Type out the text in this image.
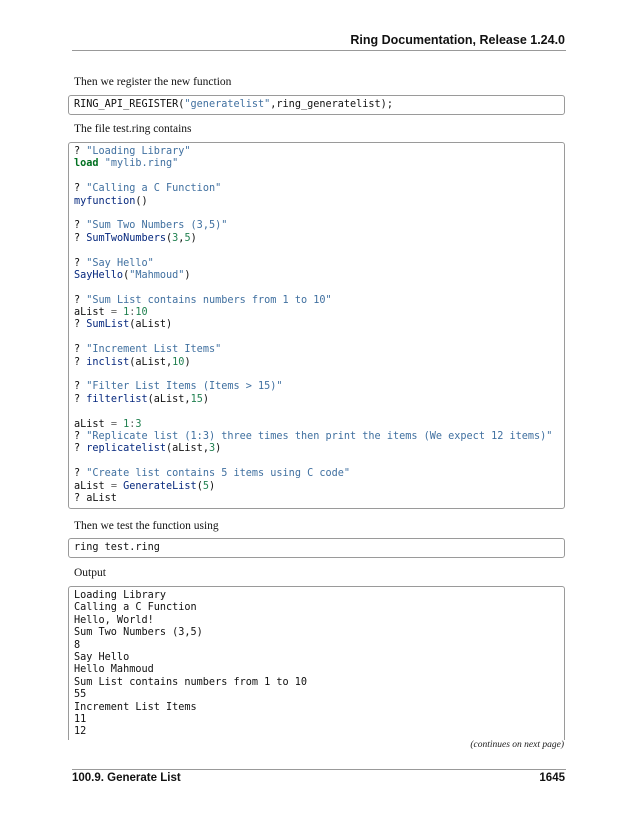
Ring Documentation, Release 1.24.0
Then we register the new function
RING_API_REGISTER("generatelist",ring_generatelist);
The file test.ring contains
? "Loading Library"
load "mylib.ring"

? "Calling a C Function"
myfunction()

? "Sum Two Numbers (3,5)"
? SumTwoNumbers(3,5)

? "Say Hello"
SayHello("Mahmoud")

? "Sum List contains numbers from 1 to 10"
aList = 1:10
? SumList(aList)

? "Increment List Items"
? inclist(aList,10)

? "Filter List Items (Items > 15)"
? filterlist(aList,15)

aList = 1:3
? "Replicate list (1:3) three times then print the items (We expect 12 items)"
? replicatelist(aList,3)

? "Create list contains 5 items using C code"
aList = GenerateList(5)
? aList
Then we test the function using
ring test.ring
Output
Loading Library
Calling a C Function
Hello, World!
Sum Two Numbers (3,5)
8
Say Hello
Hello Mahmoud
Sum List contains numbers from 1 to 10
55
Increment List Items
11
12
(continues on next page)
100.9. Generate List	1645
